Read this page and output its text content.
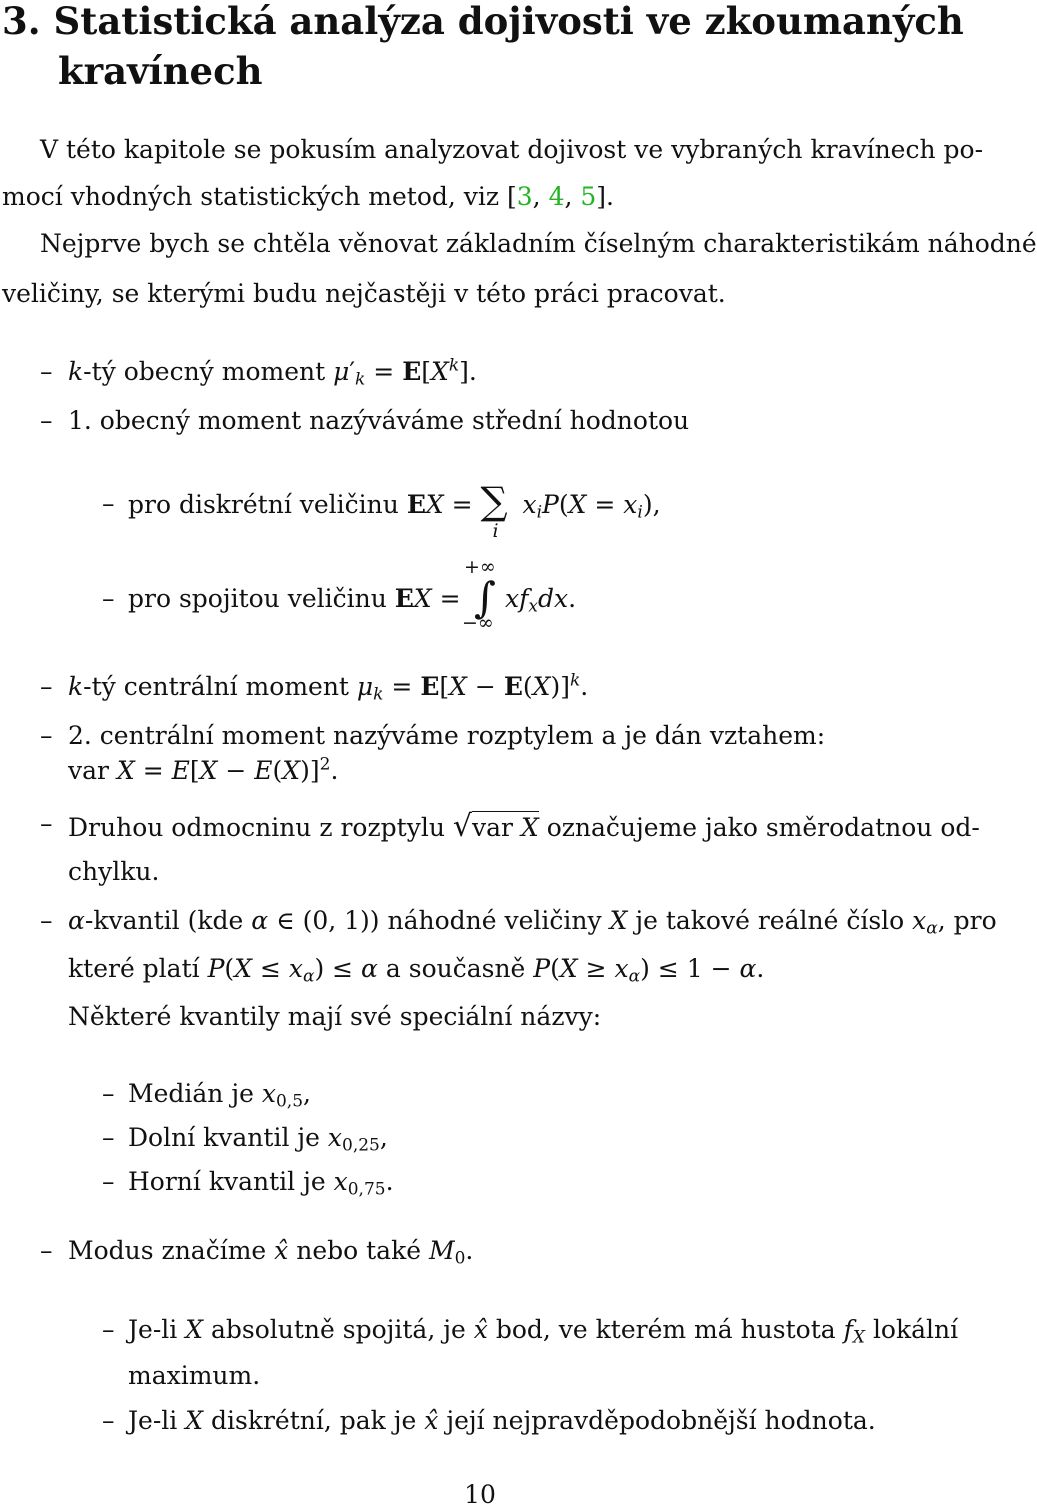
3. Statistická analýza dojivosti ve zkoumaných
kravínech
V této kapitole se pokusím analyzovat dojivost ve vybraných kravínech po-
mocí vhodných statistických metod, viz [3, 4, 5].
Nejprve bych se chtěla věnovat základním číselným charakteristikám náhodné
veličiny, se kterými budu nejčastěji v této práci pracovat.
– k-tý obecný moment $\mu'_k = E[X^k]$.
– 1. obecný moment nazýváváme střední hodnotou
– pro diskrétní veličinu EX = ∑
i
$x_iP(X = x_i)$,
– pro spojitou veličinu EX =
+∞
∫
−∞
$xf_xdx$.
– k-tý centrální moment $\mu_k = E[X - E(X)]^k$.
– 2. centrální moment nazýváme rozptylem a je dán vztahem:
var $X = E[X - E(X)]^2$.
– Druhou odmocninu z rozptylu √var X označujeme jako směrodatnou od-
chylku.
– α-kvantil (kde α ∈ (0, 1)) náhodné veličiny X je takové reálné číslo $x_\alpha$, pro
které platí $P(X \le x_\alpha) \le \alpha$ a současně $P(X \ge x_\alpha) \le 1 - \alpha$.
Některé kvantily mají své speciální názvy:
– Medián je $x_{0,5}$,
– Dolní kvantil je $x_{0,25}$,
– Horní kvantil je $x_{0,75}$.
– Modus značíme x̂ nebo také $M_0$.
– Je-li X absolutně spojitá, je x̂ bod, ve kterém má hustota $f_X$ lokální
maximum.
– Je-li X diskrétní, pak je x̂ její nejpravděpodobnější hodnota.
10
